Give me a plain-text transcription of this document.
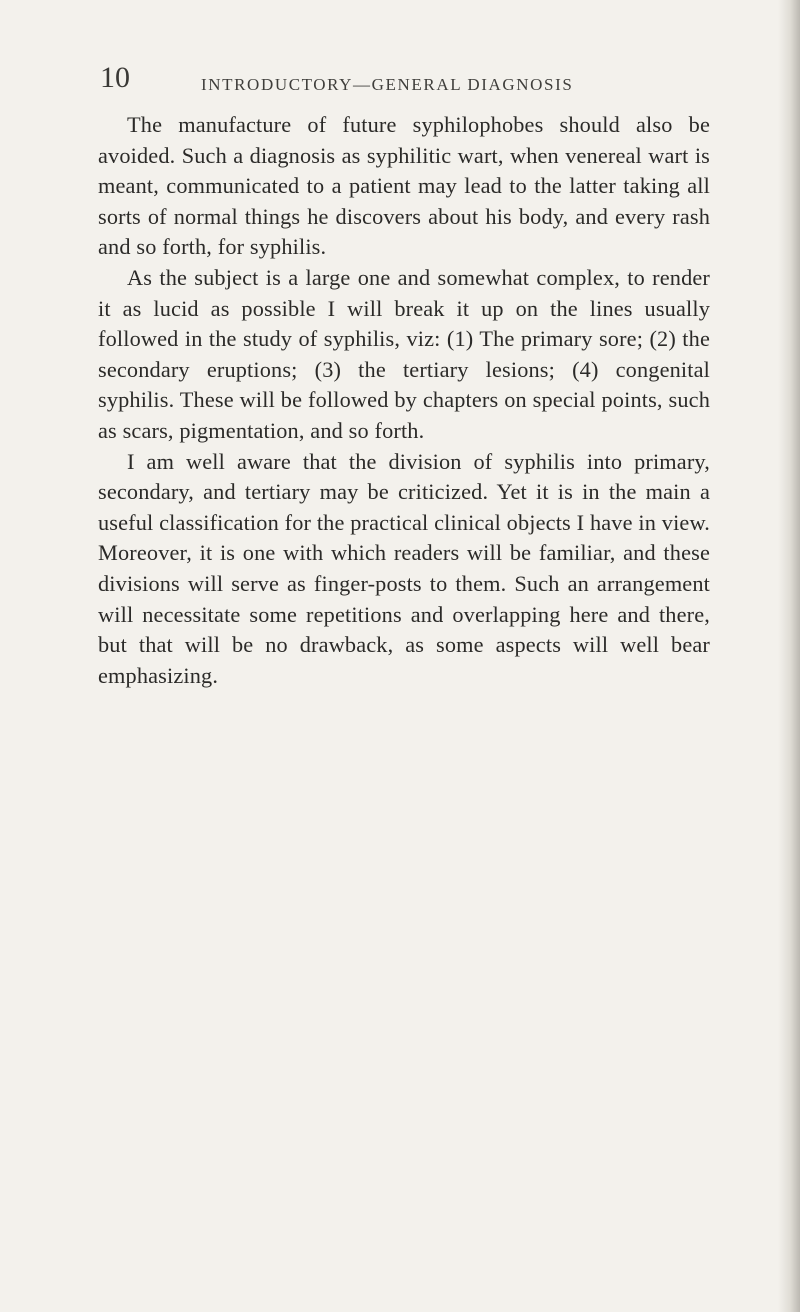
10	INTRODUCTORY—GENERAL DIAGNOSIS

The manufacture of future syphilophobes should also be avoided. Such a diagnosis as syphilitic wart, when venereal wart is meant, communicated to a patient may lead to the latter taking all sorts of normal things he discovers about his body, and every rash and so forth, for syphilis.

As the subject is a large one and somewhat complex, to render it as lucid as possible I will break it up on the lines usually followed in the study of syphilis, viz: (1) The primary sore; (2) the secondary eruptions; (3) the tertiary lesions; (4) congenital syphilis. These will be followed by chapters on special points, such as scars, pigmentation, and so forth.

I am well aware that the division of syphilis into primary, secondary, and tertiary may be criticized. Yet it is in the main a useful classification for the practical clinical objects I have in view. Moreover, it is one with which readers will be familiar, and these divisions will serve as finger-posts to them. Such an arrangement will necessitate some repetitions and overlapping here and there, but that will be no drawback, as some aspects will well bear emphasizing.
